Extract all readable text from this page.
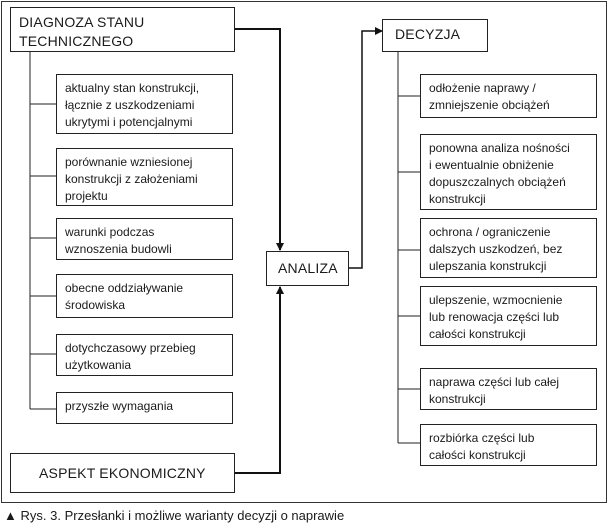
DIAGNOZA STANU
TECHNICZNEGO
aktualny stan konstrukcji,
łącznie z uszkodzeniami
ukrytymi i potencjalnymi
porównanie wzniesionej
konstrukcji z założeniami
projektu
warunki podczas
wznoszenia budowli
obecne oddziaływanie
środowiska
dotychczasowy przebieg
użytkowania
przyszłe wymagania
ASPEKT EKONOMICZNY
ANALIZA
DECYZJA
odłożenie naprawy /
zmniejszenie obciążeń
ponowna analiza nośności
i ewentualnie obniżenie
dopuszczalnych obciążeń
konstrukcji
ochrona / ograniczenie
dalszych uszkodzeń, bez
ulepszania konstrukcji
ulepszenie, wzmocnienie
lub renowacja części lub
całości konstrukcji
naprawa części lub całej
konstrukcji
rozbiórka części lub
całości konstrukcji
▲ Rys. 3. Przesłanki i możliwe warianty decyzji o naprawie
